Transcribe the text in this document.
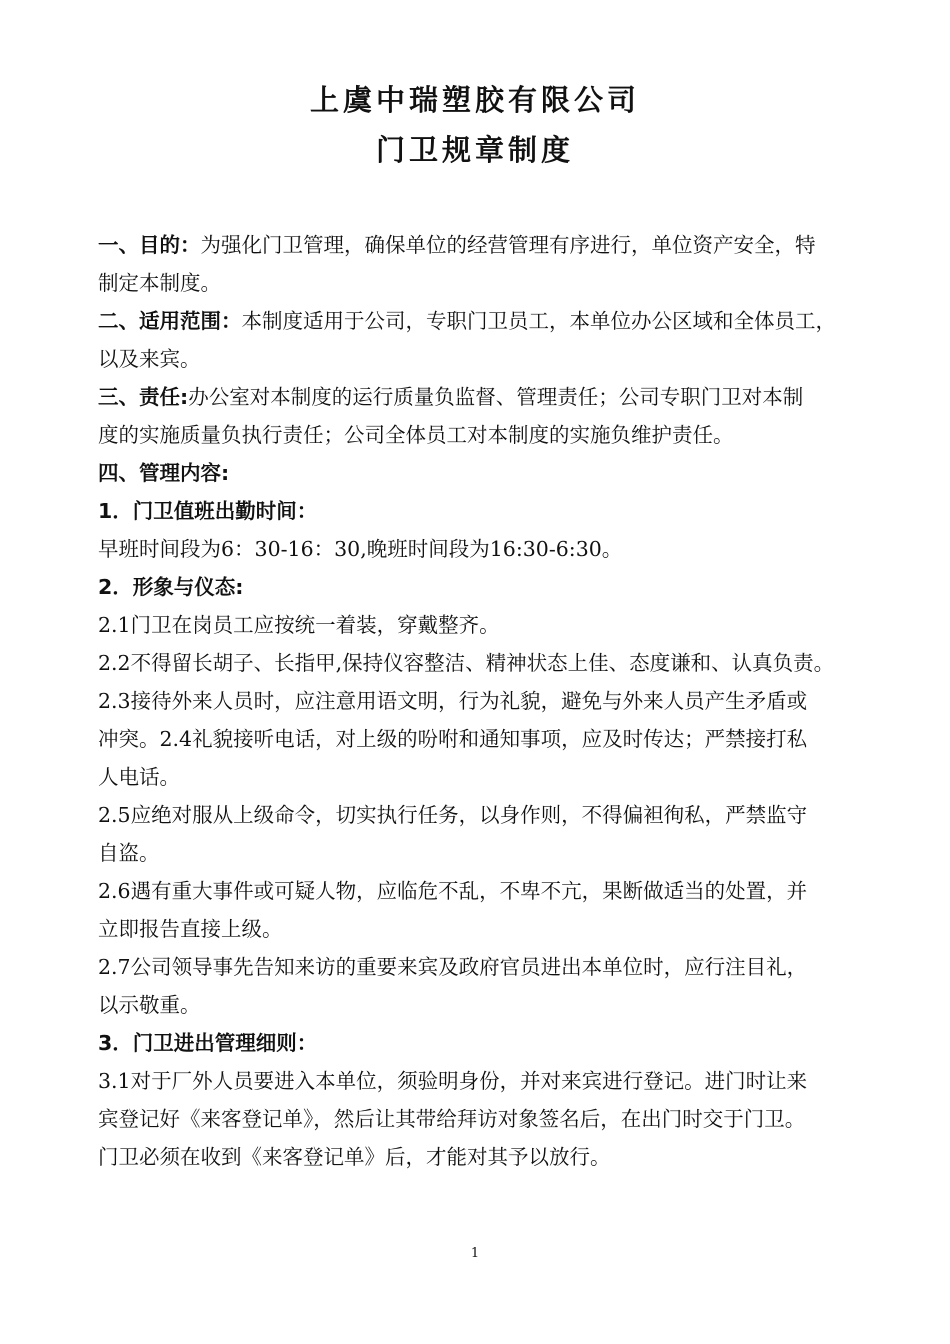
上虞中瑞塑胶有限公司
门卫规章制度
一、目的：为强化门卫管理，确保单位的经营管理有序进行，单位资产安全，特
制定本制度。
二、适用范围：本制度适用于公司，专职门卫员工，本单位办公区域和全体员工，
以及来宾。
三、责任:办公室对本制度的运行质量负监督、管理责任；公司专职门卫对本制
度的实施质量负执行责任；公司全体员工对本制度的实施负维护责任。
四、管理内容:
1．门卫值班出勤时间：
早班时间段为6：30-16：30,晚班时间段为16:30-6:30。
2．形象与仪态:
2.1门卫在岗员工应按统一着装，穿戴整齐。
2.2不得留长胡子、长指甲,保持仪容整洁、精神状态上佳、态度谦和、认真负责。
2.3接待外来人员时，应注意用语文明，行为礼貌，避免与外来人员产生矛盾或
冲突。2.4礼貌接听电话，对上级的吩咐和通知事项，应及时传达；严禁接打私
人电话。
2.5应绝对服从上级命令，切实执行任务，以身作则，不得偏袒徇私，严禁监守
自盗。
2.6遇有重大事件或可疑人物，应临危不乱，不卑不亢，果断做适当的处置，并
立即报告直接上级。
2.7公司领导事先告知来访的重要来宾及政府官员进出本单位时，应行注目礼，
以示敬重。
3．门卫进出管理细则：
3.1对于厂外人员要进入本单位，须验明身份，并对来宾进行登记。进门时让来
宾登记好《来客登记单》，然后让其带给拜访对象签名后，在出门时交于门卫。
门卫必须在收到《来客登记单》后，才能对其予以放行。
1
